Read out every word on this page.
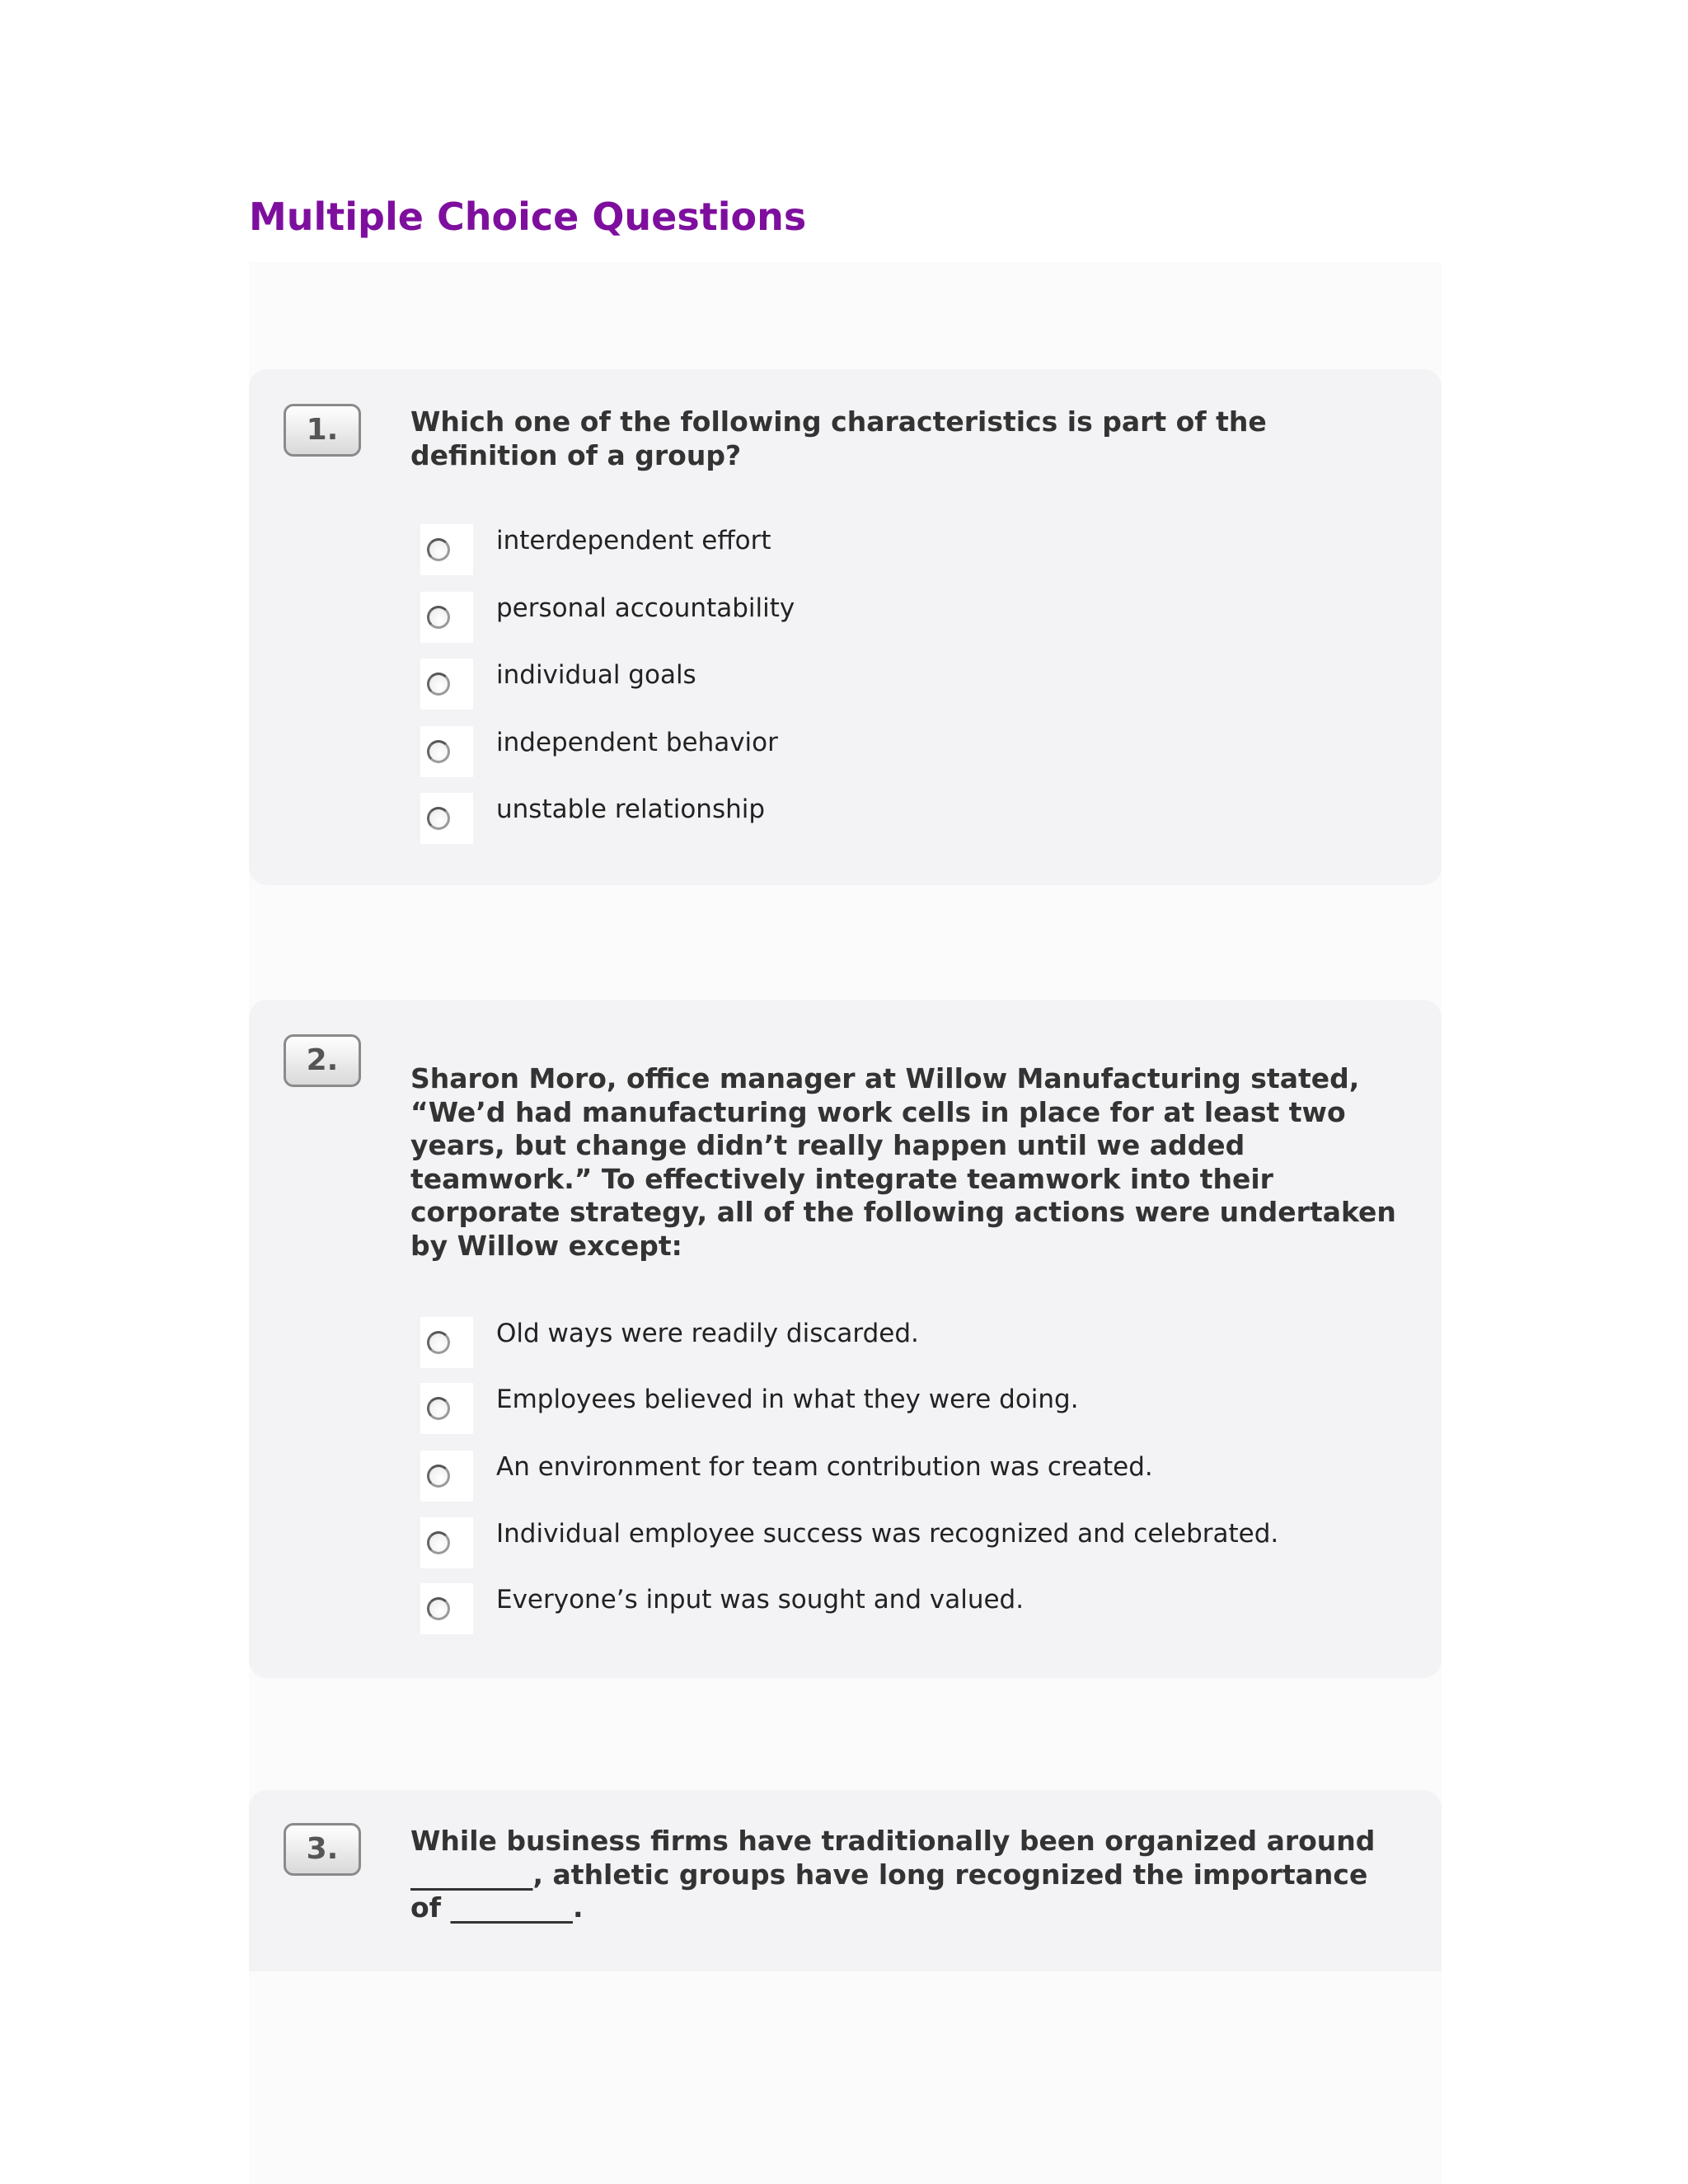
Multiple Choice Questions
1.	Which one of the following characteristics is part of the
definition of a group?

interdependent effort
personal accountability
individual goals
independent behavior
unstable relationship
2.

Sharon Moro, office manager at Willow Manufacturing stated,
“We’d had manufacturing work cells in place for at least two
years, but change didn’t really happen until we added
teamwork.” To effectively integrate teamwork into their
corporate strategy, all of the following actions were undertaken
by Willow except:

Old ways were readily discarded.
Employees believed in what they were doing.
An environment for team contribution was created.
Individual employee success was recognized and celebrated.
Everyone’s input was sought and valued.
3.	While business firms have traditionally been organized around
_________, athletic groups have long recognized the importance
of _________.
